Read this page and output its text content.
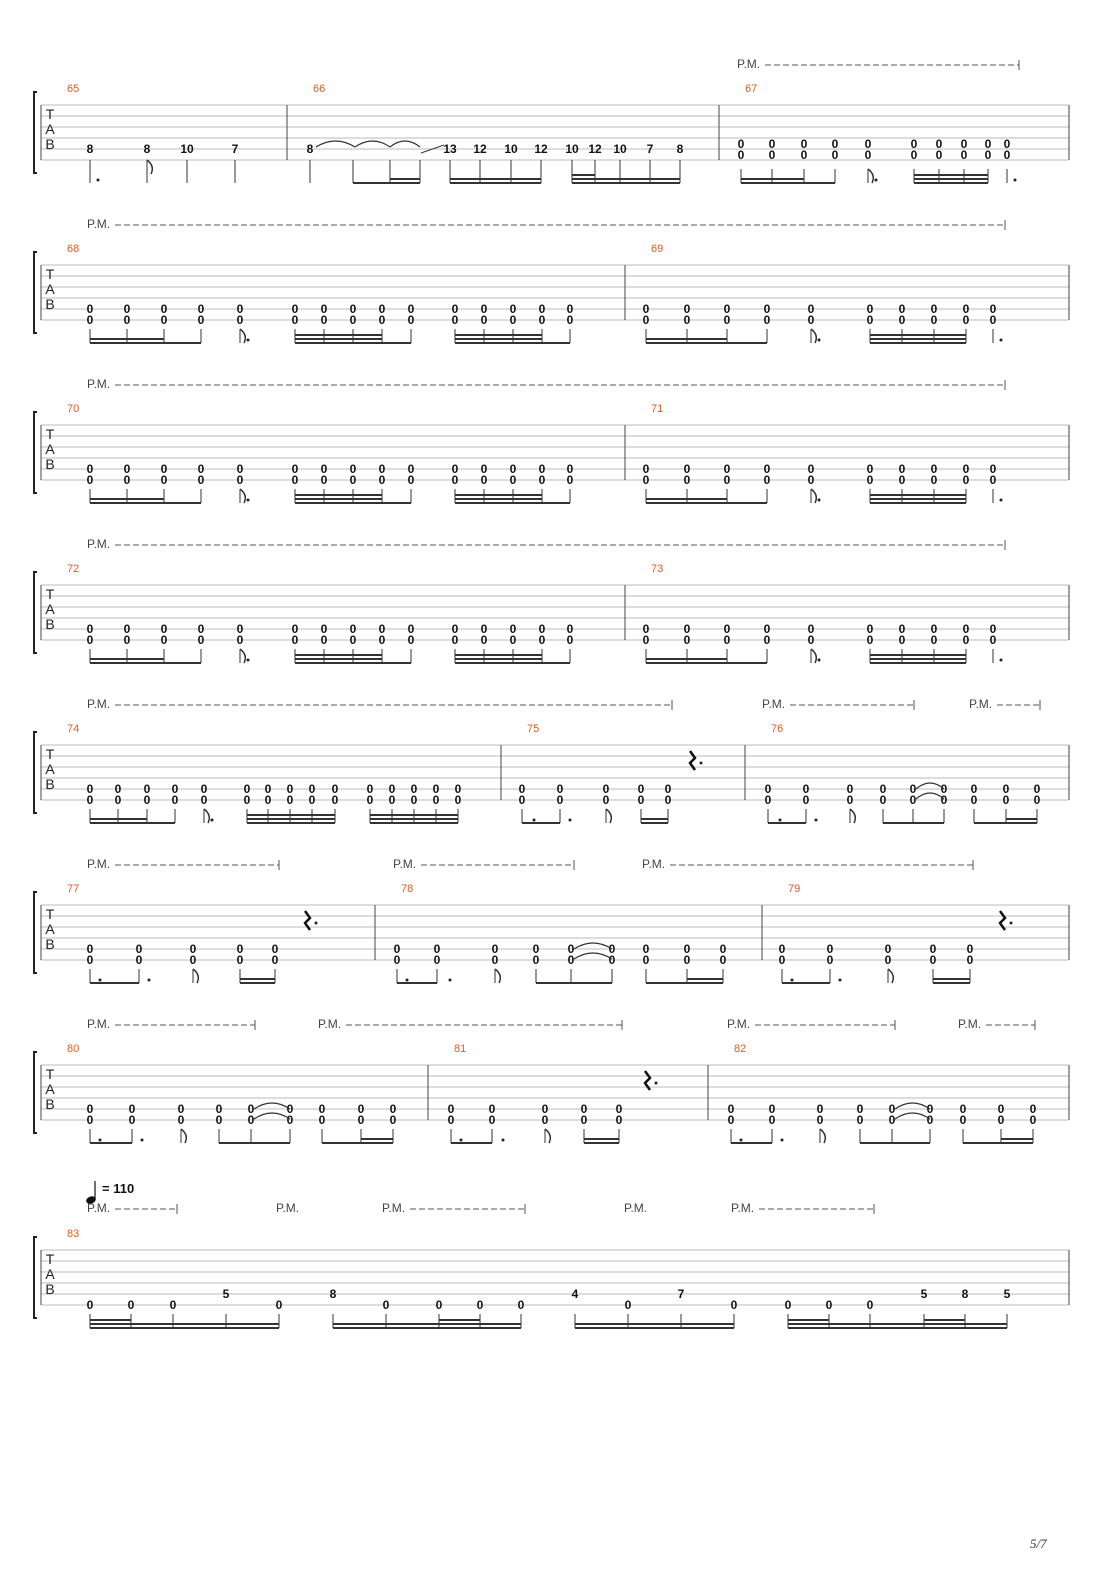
P.M.
T
A
B
65	66	67
8	8 10	7	8	13 12 10 12 10 12 10 7 8	0
0
0
0
0
0
0
0
0
0
0
0
0
0
0
0
0
0
0
0
P.M.
T
A
B
68	69
0
0
0
0
0
0
0
0
0
0
0
0
0
0
0
0
0
0
0
0
0
0
0
0
0
0
0
0
0
0
0
0
0
0
0
0
0
0
0
0
0
0
0
0
0
0
0
0
0
0
P.M.
T
A
B
70	71
0
0
0
0
0
0
0
0
0
0
0
0
0
0
0
0
0
0
0
0
0
0
0
0
0
0
0
0
0
0
0
0
0
0
0
0
0
0
0
0
0
0
0
0
0
0
0
0
0
0
P.M.
T
A
B
72	73
0
0
0
0
0
0
0
0
0
0
0
0
0
0
0
0
0
0
0
0
0
0
0
0
0
0
0
0
0
0
0
0
0
0
0
0
0
0
0
0
0
0
0
0
0
0
0
0
0
0
P.M.	P.M.	P.M.
T
A
B
74	75	76
0
0
0
0
0
0
0
0
0
0
0
0
0
0
0
0
0
0
0
0
0
0
0
0
0
0
0
0
0
0
0
0
0
0
0
0
0
0
0
0
0
0
0
0
0
0
0
0
0
0
0
0
0
0
0
0
0
0
P.M.	P.M.	P.M.
T
A
B
77	78	79
0
0
0
0
0
0
0
0
0
0
0
0
0
0
0
0
0
0
0
0
0
0
0
0
0
0
0
0
0
0
0
0
0
0
0
0
0
0
P.M.	P.M.	P.M.	P.M.
T
A
B
80	81	82
0
0
0
0
0
0
0
0
0
0
0
0
0
0
0
0
0
0
0
0
0
0
0
0
0
0
0
0
0
0
0
0
0
0
0
0
0
0
0
0
0
0
0
0
0
0
= 110
P.M.	P.M.	P.M.	P.M.	P.M.
T
A
B
83
0	0	0
5
0
8
0	0	0	0
4
0
7
0	0	0	0
5	8	5
5/7
